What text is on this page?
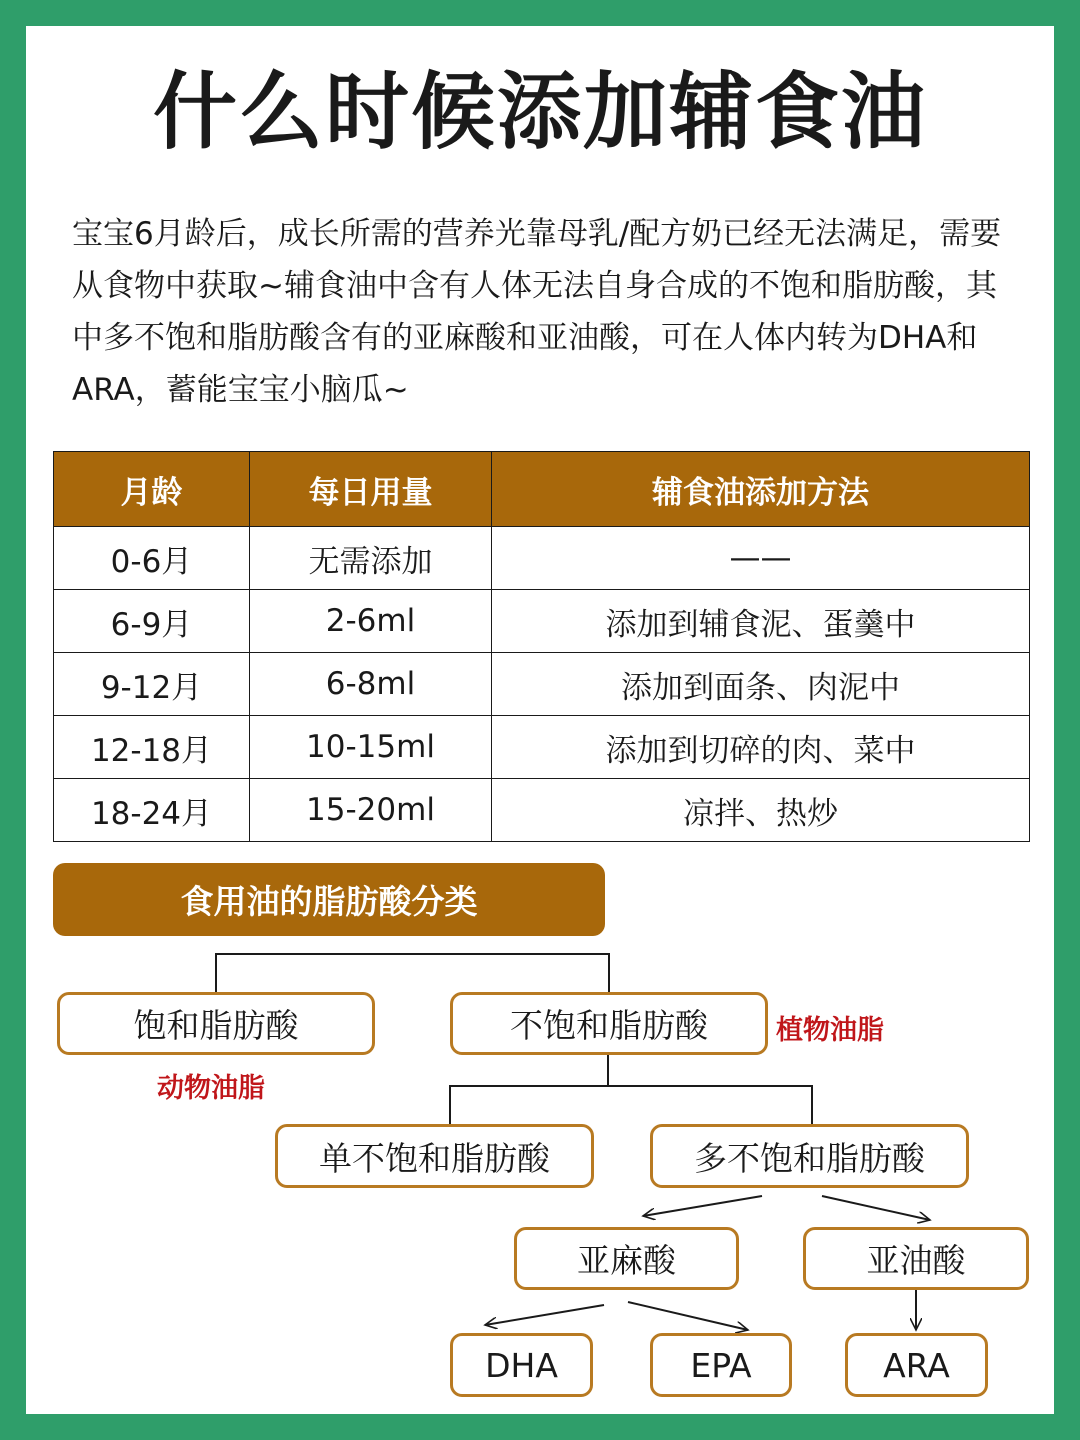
什么时候添加辅食油
宝宝6月龄后，成长所需的营养光靠母乳/配方奶已经无法满足，需要从食物中获取~辅食油中含有人体无法自身合成的不饱和脂肪酸，其中多不饱和脂肪酸含有的亚麻酸和亚油酸，可在人体内转为DHA和ARA，蓄能宝宝小脑瓜~
月龄	每日用量	辅食油添加方法
0-6月	无需添加	——
6-9月	2-6ml	添加到辅食泥、蛋羹中
9-12月	6-8ml	添加到面条、肉泥中
12-18月	10-15ml	添加到切碎的肉、菜中
18-24月	15-20ml	凉拌、热炒
食用油的脂肪酸分类
饱和脂肪酸
动物油脂
不饱和脂肪酸	植物油脂
单不饱和脂肪酸	多不饱和脂肪酸
亚麻酸	亚油酸
DHA	EPA	ARA
